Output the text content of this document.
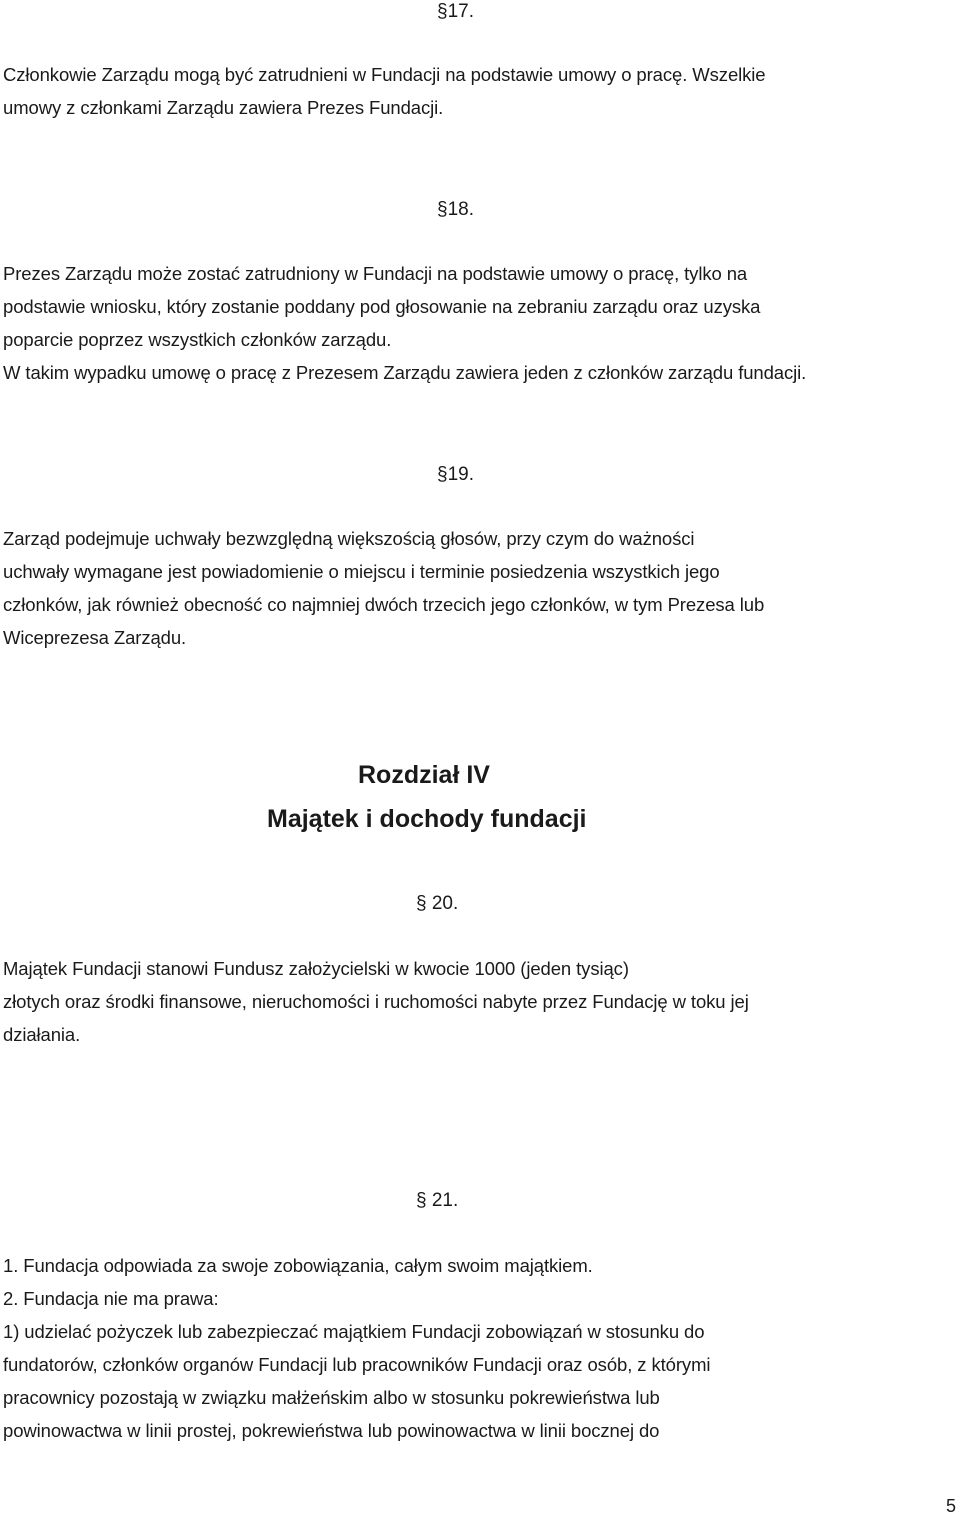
§17.

Członkowie Zarządu mogą być zatrudnieni w Fundacji na podstawie umowy o pracę. Wszelkie
umowy z członkami Zarządu zawiera Prezes Fundacji.

§18.

Prezes Zarządu może zostać zatrudniony w Fundacji na podstawie umowy o pracę, tylko na
podstawie wniosku, który zostanie poddany pod głosowanie na zebraniu zarządu oraz uzyska
poparcie poprzez wszystkich członków zarządu.
W takim wypadku umowę o pracę z Prezesem Zarządu zawiera jeden z członków zarządu fundacji.

§19.

Zarząd podejmuje uchwały bezwzględną większością głosów, przy czym do ważności
uchwały wymagane jest powiadomienie o miejscu i terminie posiedzenia wszystkich jego
członków, jak również obecność co najmniej dwóch trzecich jego członków, w tym Prezesa lub
Wiceprezesa Zarządu.

Rozdział IV
Majątek i dochody fundacji
§ 20.

Majątek Fundacji stanowi Fundusz założycielski w kwocie 1000 (jeden tysiąc)
złotych oraz środki finansowe, nieruchomości i ruchomości nabyte przez Fundację w toku jej
działania.

§ 21.

1. Fundacja odpowiada za swoje zobowiązania, całym swoim majątkiem.
2. Fundacja nie ma prawa:
1) udzielać pożyczek lub zabezpieczać majątkiem Fundacji zobowiązań w stosunku do
fundatorów, członków organów Fundacji lub pracowników Fundacji oraz osób, z którymi
pracownicy pozostają w związku małżeńskim albo w stosunku pokrewieństwa lub
powinowactwa w linii prostej, pokrewieństwa lub powinowactwa w linii bocznej do

5
